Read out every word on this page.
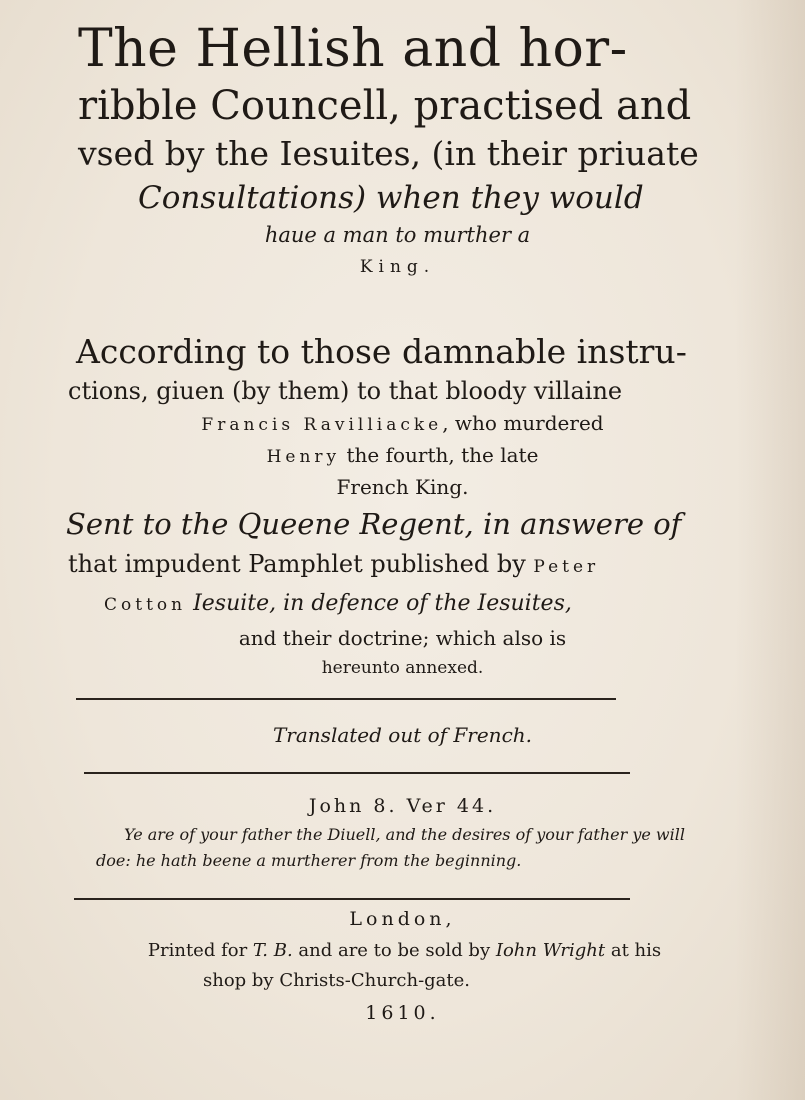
The Hellish and hor-
ribble Councell, practised and
vsed by the Iesuites, (in their priuate
Consultations) when they would
haue a man to murther a
King.
According to those damnable instru-
ctions, giuen (by them) to that bloody villaine
Francis Ravilliacke, who murdered
Henry the fourth, the late
French King.
Sent to the Queene Regent, in answere of
that impudent Pamphlet published by Peter
Cotton Iesuite, in defence of the Iesuites,
and their doctrine; which also is
hereunto annexed.
Translated out of French.
John 8. Ver 44.
Ye are of your father the Diuell, and the desires of your father ye will
doe: he hath beene a murtherer from the beginning.
London,
Printed for T. B. and are to be sold by Iohn Wright at his
shop by Christs-Church-gate.
1610.
